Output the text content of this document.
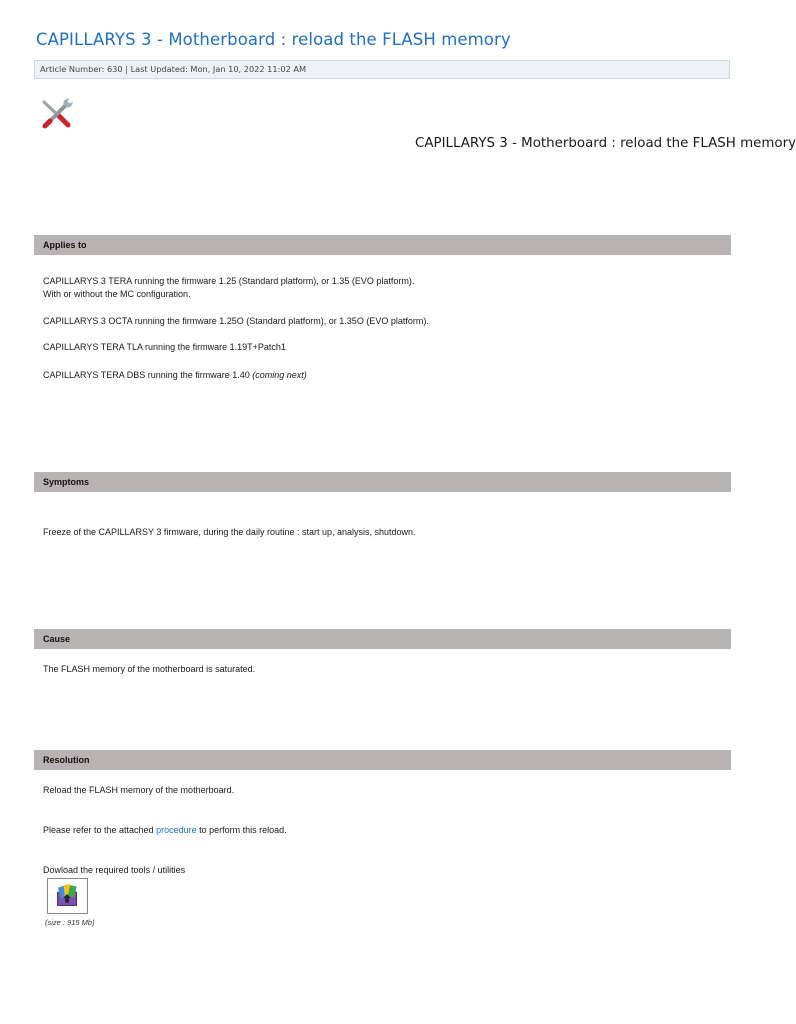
CAPILLARYS 3 - Motherboard : reload the FLASH memory
Article Number: 630 | Last Updated: Mon, Jan 10, 2022 11:02 AM
CAPILLARYS 3 - Motherboard : reload the FLASH memory
Applies to
CAPILLARYS 3 TERA running the firmware 1.25 (Standard platform), or 1.35 (EVO platform).
With or without the MC configuration.
CAPILLARYS 3 OCTA running the firmware 1.25O (Standard platform), or 1.35O (EVO platform).
CAPILLARYS TERA TLA running the firmware 1.19T+Patch1
CAPILLARYS TERA DBS running the firmware 1.40 (coming next)
Symptoms
Freeze of the CAPILLARSY 3 firmware, during the daily routine : start up, analysis, shutdown.
Cause
The FLASH memory of the motherboard is saturated.
Resolution
Reload the FLASH memory of the motherboard.
Please refer to the attached procedure to perform this reload.
Dowload the required tools / utilities
(size : 915 Mb)
